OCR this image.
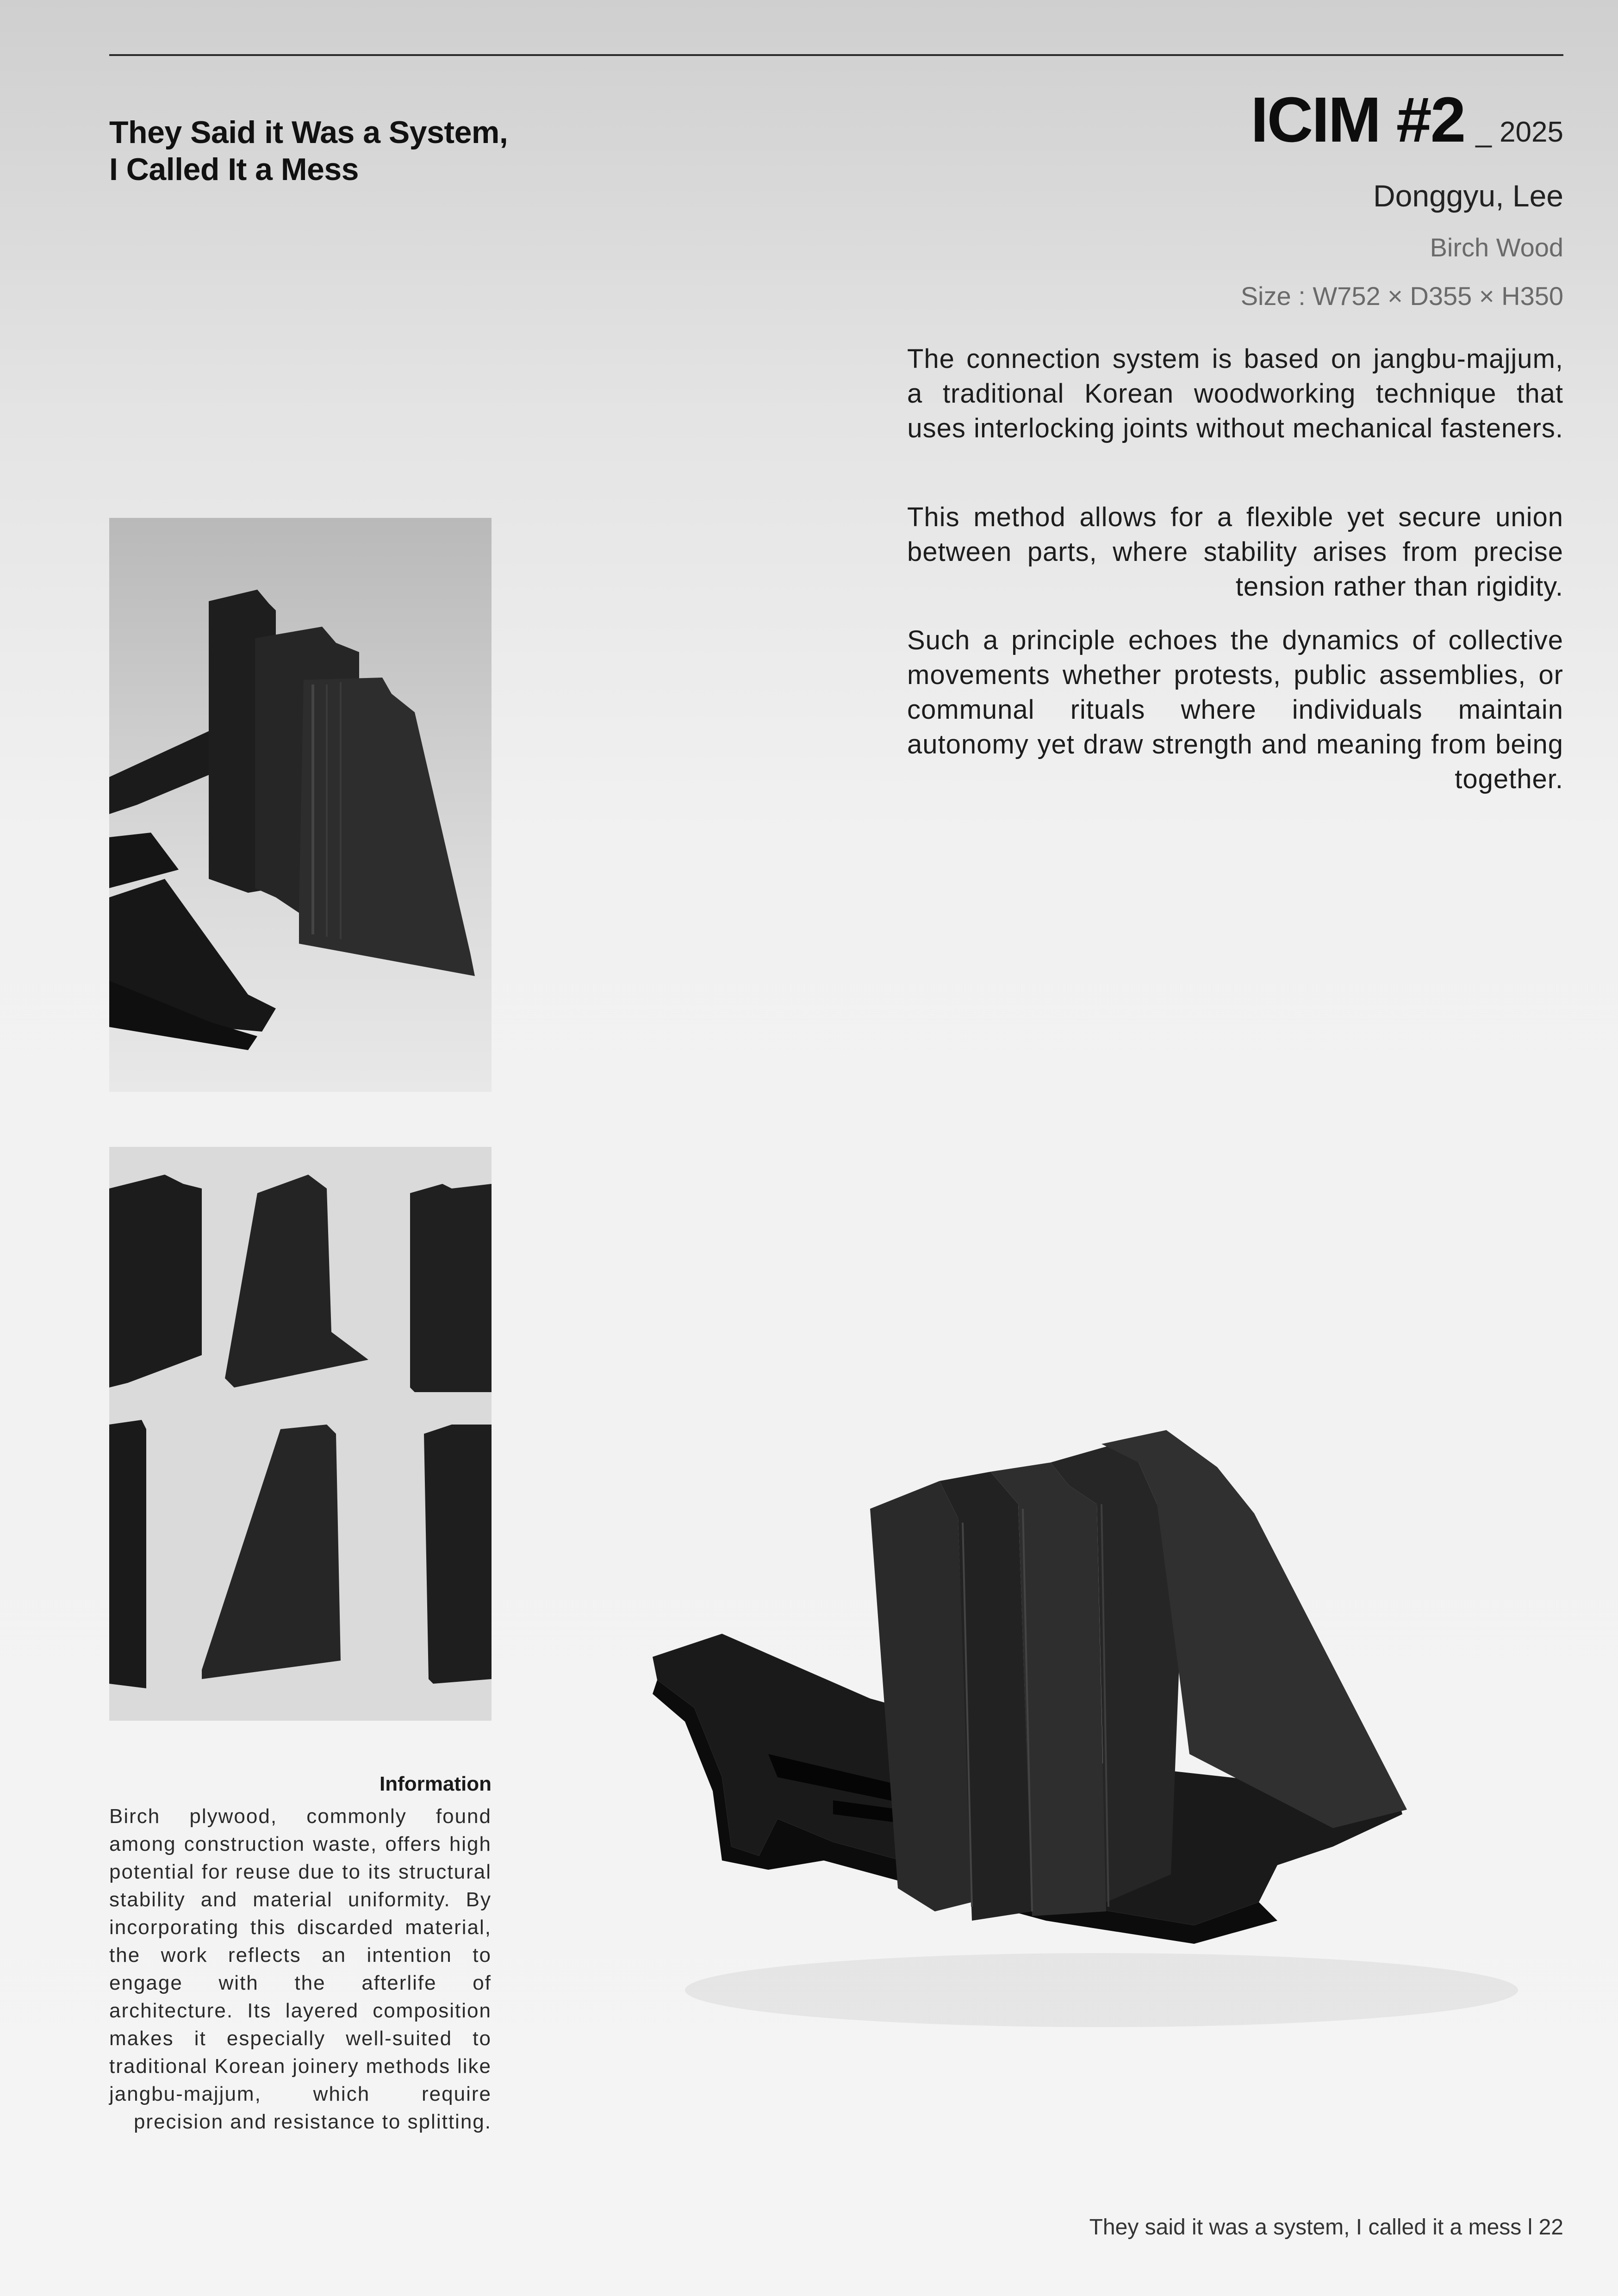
They Said it Was a System,
I Called It a Mess
ICIM #2 _ 2025
Donggyu, Lee
Birch Wood
Size : W752 × D355 × H350
The connection system is based on jangbu-majjum, a traditional Korean woodworking technique that uses interlocking joints without mechanical fasteners.
This method allows for a flexible yet secure union between parts, where stability arises from precise tension rather than rigidity.
Such a principle echoes the dynamics of collective movements whether protests, public assemblies, or communal rituals where individuals maintain autonomy yet draw strength and meaning from being together.
Information
Birch plywood, commonly found among construction waste, offers high potential for reuse due to its structural stability and material uniformity. By incorporating this discarded material, the work reflects an intention to engage with the afterlife of architecture. Its layered composition makes it especially well-suited to traditional Korean joinery methods like jangbu-majjum, which require precision and resistance to splitting.
They said it was a system, I called it a mess l 22
